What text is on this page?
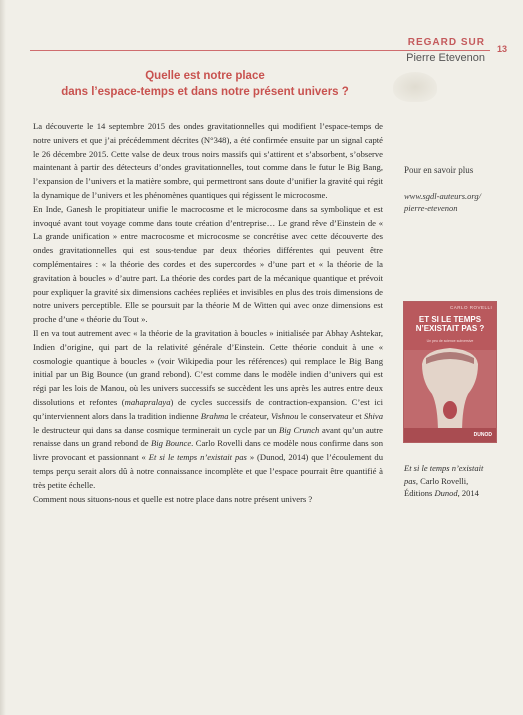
REGARD SUR
Pierre Etevenon
13
Quelle est notre place
dans l’espace-temps et dans notre présent univers ?

La découverte le 14 septembre 2015 des ondes gravitationnelles qui modifient l’espace-temps de notre univers et que j’ai précédemment décrites (N°348), a été confirmée ensuite par un signal capté le 26 décembre 2015. Cette valse de deux trous noirs massifs qui s’attirent et s’absorbent, s’observe maintenant à partir des détecteurs d’ondes gravitationnelles, tout comme dans le futur le Big Bang, l’expansion de l’univers et la matière sombre, qui permettront sans doute d’unifier la gravité qui régit la dynamique de l’univers et les phénomènes quantiques qui régissent le microcosme.

En Inde, Ganesh le propitiateur unifie le macrocosme et le microcosme dans sa symbolique et est invoqué avant tout voyage comme dans toute création d’entreprise… Le grand rêve d’Einstein de « La grande unification » entre macrocosme et microcosme se concrétise avec cette découverte des ondes gravitationnelles qui est sous-tendue par deux théories différentes qui peuvent être complémentaires : « la théorie des cordes et des supercordes » d’une part et « la théorie de la gravitation à boucles » d’autre part. La théorie des cordes part de la mécanique quantique et prévoit pour expliquer la gravité six dimensions cachées repliées et invisibles en plus des trois dimensions de notre univers perceptible. Elle se poursuit par la théorie M de Witten qui avec onze dimensions est proche d’une « théorie du Tout ».

Il en va tout autrement avec « la théorie de la gravitation à boucles » initialisée par Abhay Ashtekar, Indien d’origine, qui part de la relativité générale d’Einstein. Cette théorie conduit à une « cosmologie quantique à boucles » (voir Wikipedia pour les références) qui remplace le Big Bang initial par un Big Bounce (un grand rebond). C’est comme dans le modèle indien d’univers qui est régi par les lois de Manou, où les univers successifs se succèdent les uns après les autres entre deux dissolutions et refontes (mahapralaya) de cycles successifs de contraction-expansion. C’est ici qu’interviennent alors dans la tradition indienne Brahma le créateur, Vishnou le conservateur et Shiva le destructeur qui dans sa danse cosmique terminerait un cycle par un Big Crunch avant qu’un autre renaisse dans un grand rebond de Big Bounce. Carlo Rovelli dans ce modèle nous confirme dans son livre provocant et passionnant « Et si le temps n’existait pas » (Dunod, 2014) que l’écoulement du temps perçu serait alors dû à notre connaissance incomplète et que l’espace pourrait être quantifié à très petite échelle.

Comment nous situons-nous et quelle est notre place dans notre présent univers ?

Pour en savoir plus
www.sgdl-auteurs.org/
pierre-etevenon
CARLO ROVELLI
ET SI LE TEMPS
N’EXISTAIT PAS ?
Un peu de science subversive
DUNOD
Et si le temps n’existait
pas, Carlo Rovelli,
Éditions Dunod, 2014
